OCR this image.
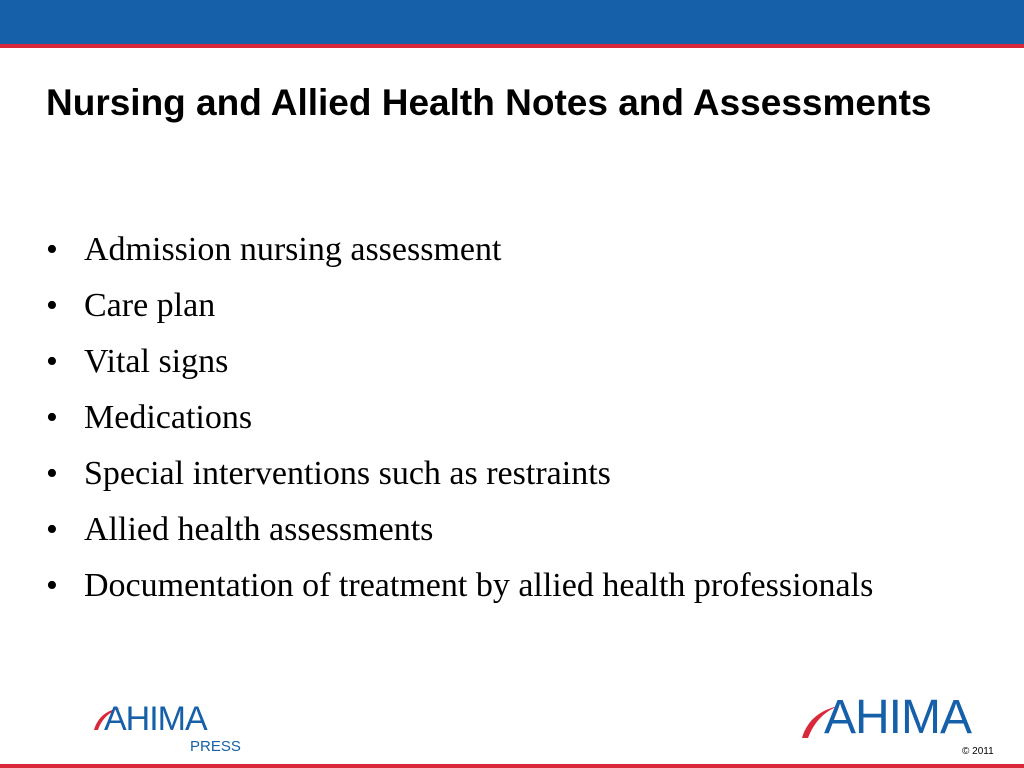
Nursing and Allied Health Notes and Assessments
• Admission nursing assessment
• Care plan
• Vital signs
• Medications
• Special interventions such as restraints
• Allied health assessments
• Documentation of treatment by allied health professionals
AHIMA
PRESS
AHIMA
© 2011
